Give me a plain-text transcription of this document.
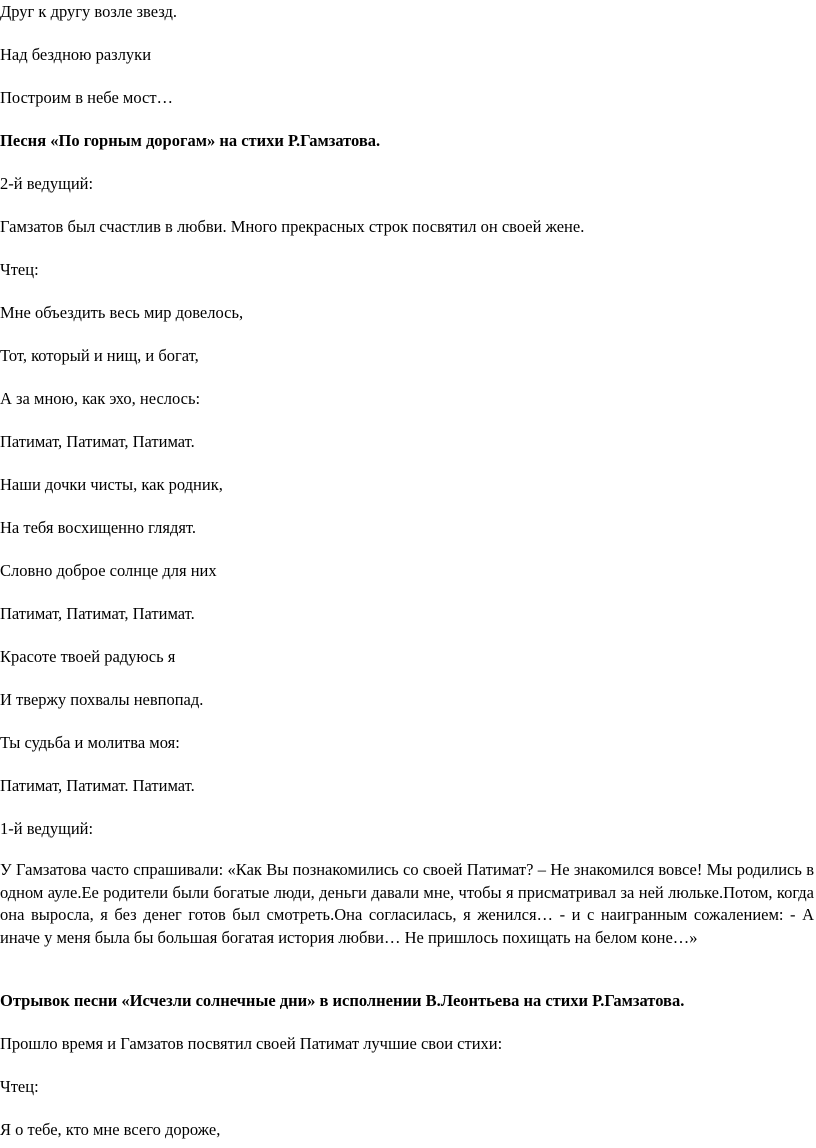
Друг к другу возле звезд.
Над бездною разлуки
Построим в небе мост…
Песня «По горным дорогам» на стихи Р.Гамзатова.
2-й ведущий:
Гамзатов был счастлив в любви. Много прекрасных строк посвятил он своей жене.
Чтец:
Мне объездить весь мир довелось,
Тот, который и нищ, и богат,
А за мною, как эхо, неслось:
Патимат, Патимат, Патимат.
Наши дочки чисты, как родник,
На тебя восхищенно глядят.
Словно доброе солнце для них
Патимат, Патимат, Патимат.
Красоте твоей радуюсь я
И твержу похвалы невпопад.
Ты судьба и молитва моя:
Патимат, Патимат. Патимат.
1-й ведущий:
У Гамзатова часто спрашивали: «Как Вы познакомились со своей Патимат? – Не знакомился вовсе! Мы родились в одном ауле.Ее родители были богатые люди, деньги давали мне, чтобы я присматривал за ней люльке.Потом, когда она выросла, я без денег готов был смотреть.Она согласилась, я женился… - и с наигранным сожалением: - А иначе у меня была бы большая богатая история любви… Не пришлось похищать на белом коне…»
Отрывок песни «Исчезли солнечные дни» в исполнении В.Леонтьева на стихи Р.Гамзатова.
Прошло время и Гамзатов посвятил своей Патимат лучшие свои стихи:
Чтец:
Я о тебе, кто мне всего дороже,
